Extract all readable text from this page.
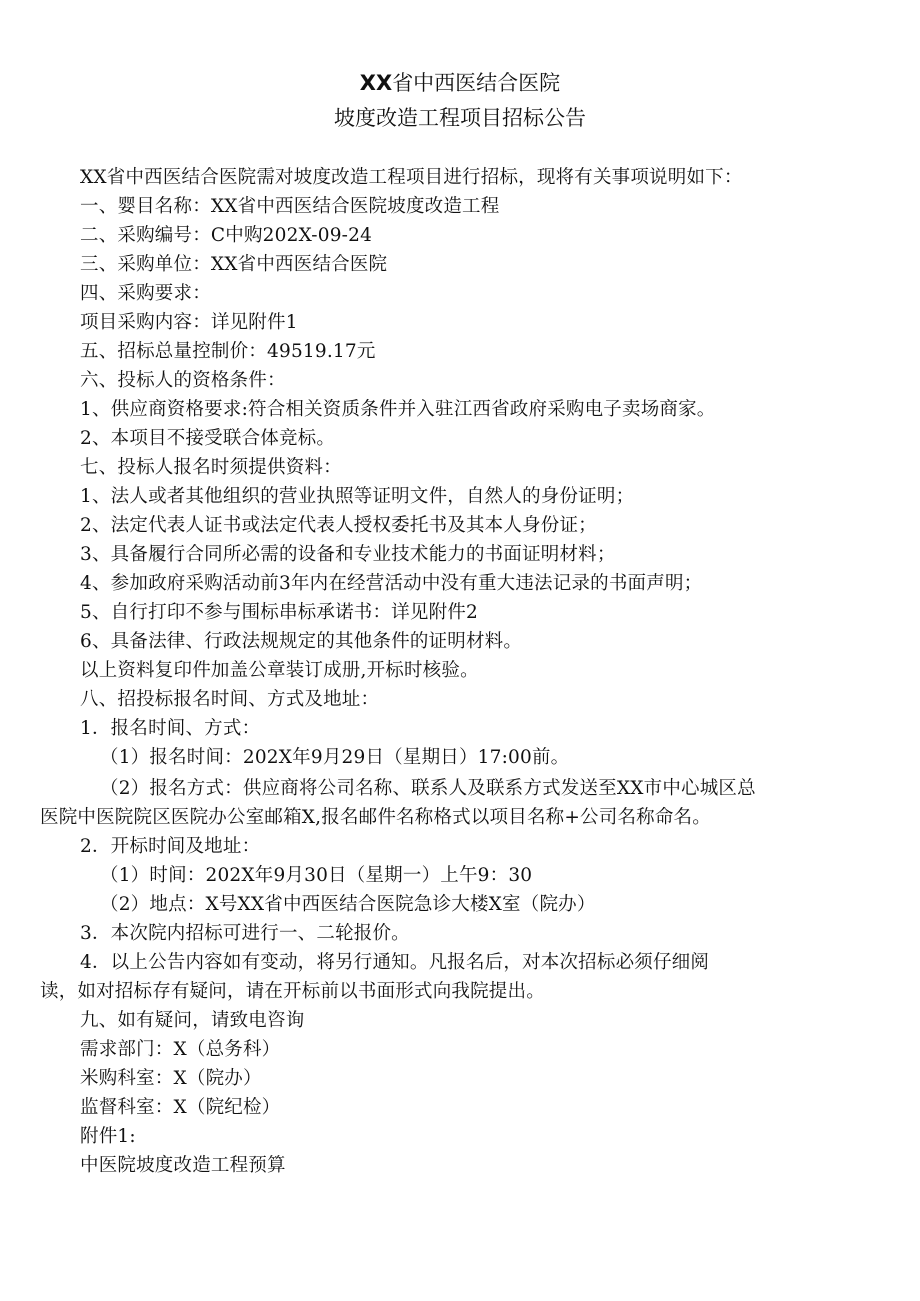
XX省中西医结合医院
坡度改造工程项目招标公告
XX省中西医结合医院需对坡度改造工程项目进行招标，现将有关事项说明如下：
一、婴目名称：XX省中西医结合医院坡度改造工程
二、采购编号：C中购202X-09-24
三、采购单位：XX省中西医结合医院
四、采购要求：
项目采购内容：详见附件1
五、招标总量控制价：49519.17元
六、投标人的资格条件：
1、供应商资格要求:符合相关资质条件并入驻江西省政府采购电子卖场商家。
2、本项目不接受联合体竞标。
七、投标人报名时须提供资料：
1、法人或者其他组织的营业执照等证明文件，自然人的身份证明；
2、法定代表人证书或法定代表人授权委托书及其本人身份证；
3、具备履行合同所必需的设备和专业技术能力的书面证明材料；
4、参加政府采购活动前3年内在经营活动中没有重大违法记录的书面声明；
5、自行打印不参与围标串标承诺书：详见附件2
6、具备法律、行政法规规定的其他条件的证明材料。
以上资料复印件加盖公章装订成册,开标时核验。
八、招投标报名时间、方式及地址：
1．报名时间、方式：
（1）报名时间：202X年9月29日（星期日）17:00前。
（2）报名方式：供应商将公司名称、联系人及联系方式发送至XX市中心城区总
医院中医院院区医院办公室邮箱X,报名邮件名称格式以项目名称+公司名称命名。
2．开标时间及地址：
（1）时间：202X年9月30日（星期一）上午9：30
（2）地点：X号XX省中西医结合医院急诊大楼X室（院办）
3．本次院内招标可进行一、二轮报价。
4．以上公告内容如有变动，将另行通知。凡报名后，对本次招标必须仔细阅
读，如对招标存有疑问，请在开标前以书面形式向我院提出。
九、如有疑问，请致电咨询
需求部门：X（总务科）
米购科室：X（院办）
监督科室：X（院纪检）
附件1:
中医院坡度改造工程预算
